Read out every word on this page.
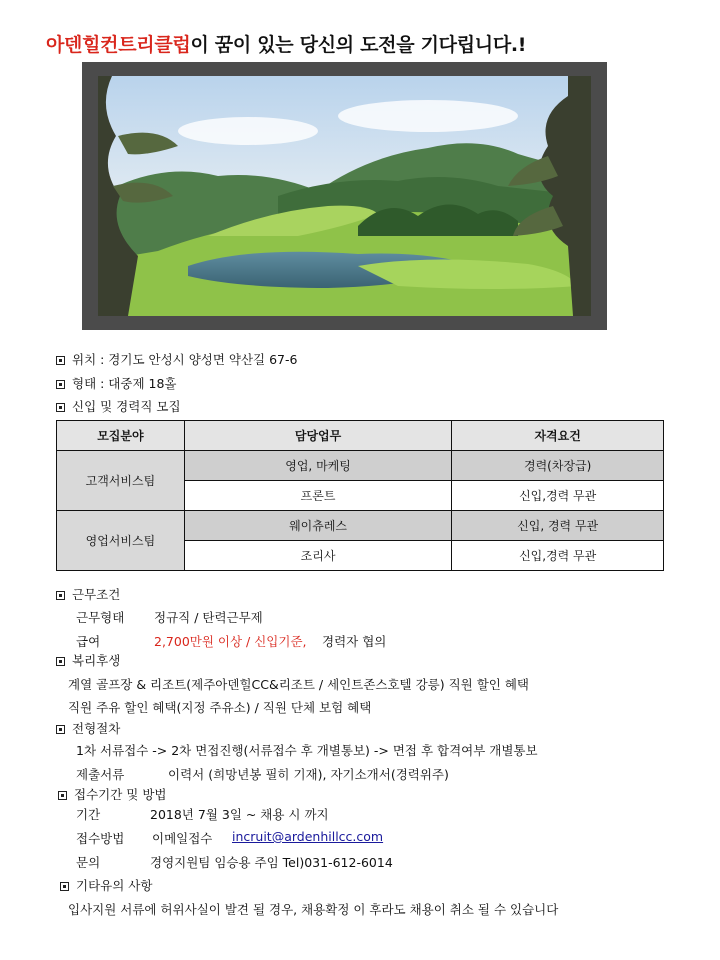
아덴힐컨트리클럽이 꿈이 있는 당신의 도전을 기다립니다.!
위치 : 경기도 안성시 양성면 약산길 67-6
형태 : 대중제 18홀
신입 및 경력직 모집
모집분야	담당업무	자격요건
고객서비스팀	영업, 마케팅	경력(차장급)
	프론트	신입,경력 무관
영업서비스팀	웨이츄레스	신입, 경력 무관
	조리사	신입,경력 무관
근무조건
근무형태 정규직 / 탄력근무제
급여	2,700만원 이상 / 신입기준, 경력자 협의
복리후생
계열 골프장 & 리조트(제주아덴힐CC&리조트 / 세인트존스호텔 강릉) 직원 할인 혜택
직원 주유 할인 혜택(지정 주유소) / 직원 단체 보험 혜택
전형절차
1차 서류접수 -> 2차 면접진행(서류접수 후 개별통보) -> 면접 후 합격여부 개별통보
제출서류	이력서 (희망년봉 필히 기재), 자기소개서(경력위주)
접수기간 및 방법
기간	2018년 7월 3일 ~ 채용 시 까지
접수방법 이메일접수 incruit@ardenhillcc.com
문의	경영지원팀 임승용 주임 Tel)031-612-6014
기타유의 사항
입사지원 서류에 허위사실이 발견 될 경우, 채용확정 이 후라도 채용이 취소 될 수 있습니다
